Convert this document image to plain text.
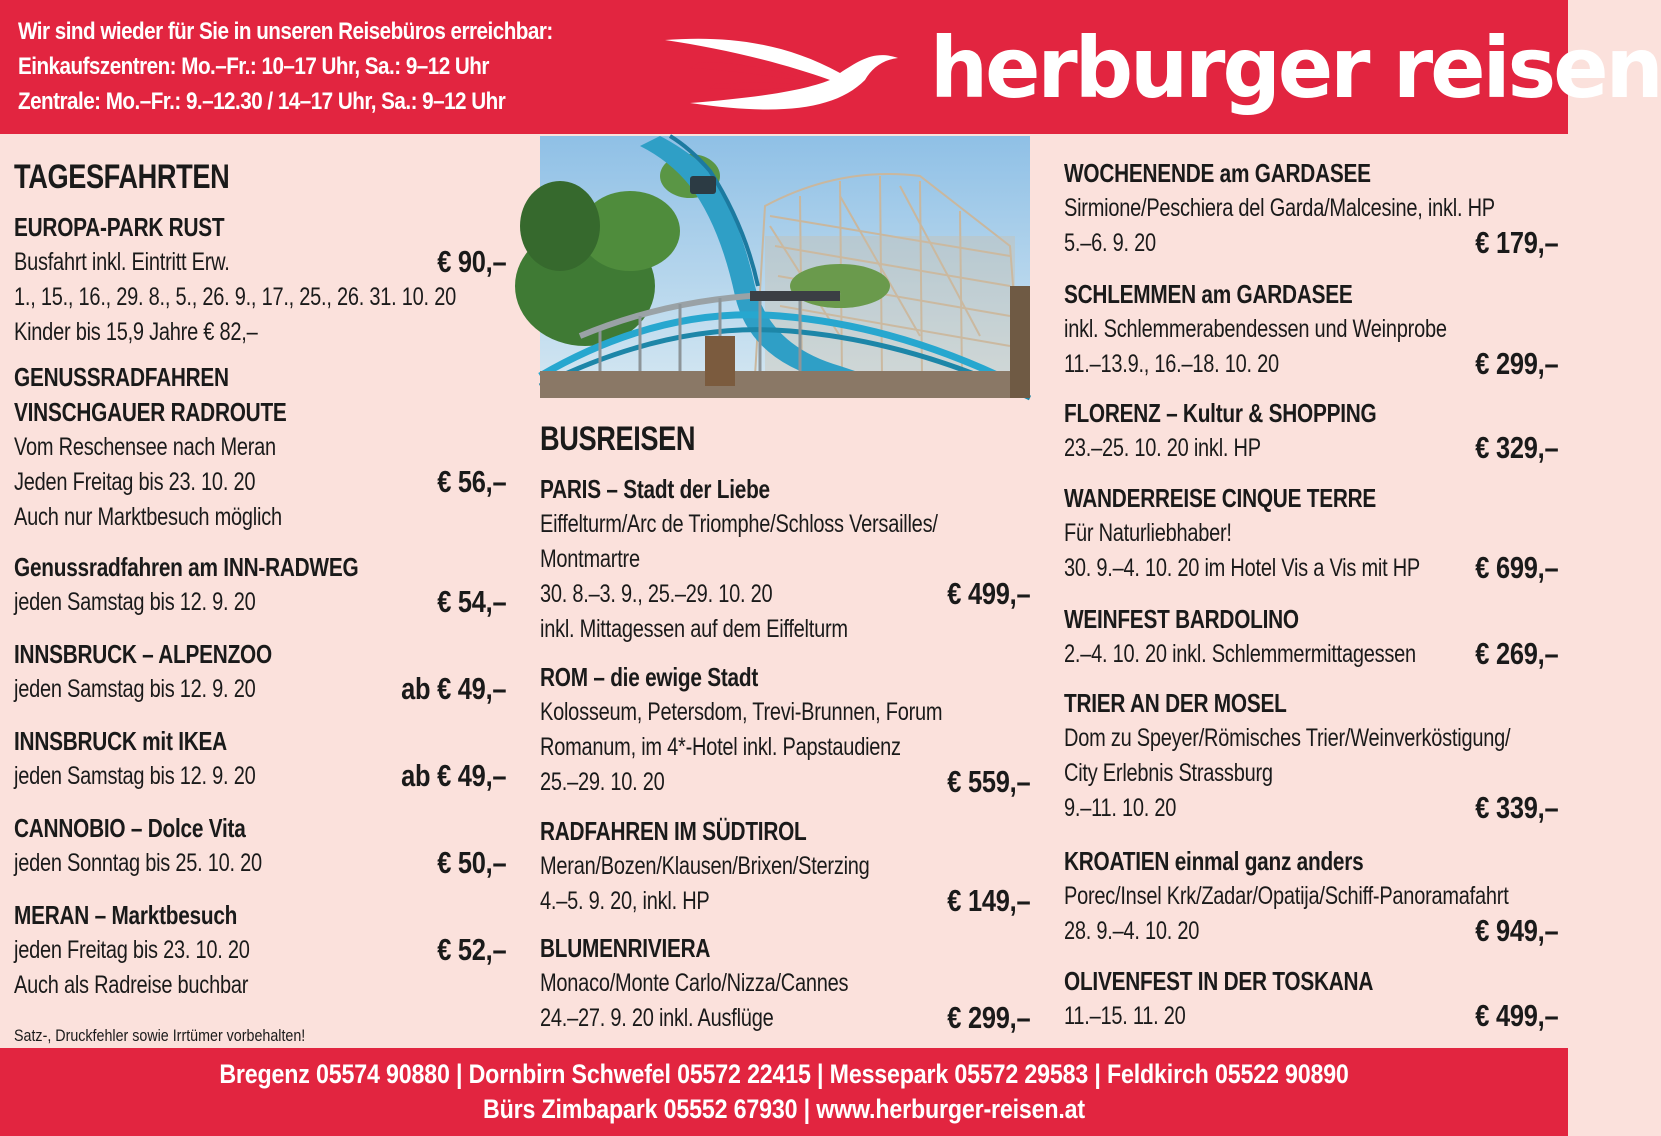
Wir sind wieder für Sie in unseren Reisebüros erreichbar:
Einkaufszentren: Mo.–Fr.: 10–17 Uhr, Sa.: 9–12 Uhr
Zentrale: Mo.–Fr.: 9.–12.30 / 14–17 Uhr, Sa.: 9–12 Uhr	herburger reisen
TAGESFAHRTEN
EUROPA-PARK RUST
Busfahrt inkl. Eintritt Erw.	€ 90,–
1., 15., 16., 29. 8., 5., 26. 9., 17., 25., 26. 31. 10. 20
Kinder bis 15,9 Jahre € 82,–
GENUSSRADFAHREN
VINSCHGAUER RADROUTE
Vom Reschensee nach Meran
Jeden Freitag bis 23. 10. 20	€ 56,–
Auch nur Marktbesuch möglich
Genussradfahren am INN-RADWEG
jeden Samstag bis 12. 9. 20	€ 54,–
INNSBRUCK – ALPENZOO
jeden Samstag bis 12. 9. 20	ab € 49,–
INNSBRUCK mit IKEA
jeden Samstag bis 12. 9. 20	ab € 49,–
CANNOBIO – Dolce Vita
jeden Sonntag bis 25. 10. 20	€ 50,–
MERAN – Marktbesuch
jeden Freitag bis 23. 10. 20	€ 52,–
Auch als Radreise buchbar
Satz-, Druckfehler sowie Irrtümer vorbehalten!
BUSREISEN
PARIS – Stadt der Liebe
Eiffelturm/Arc de Triomphe/Schloss Versailles/
Montmartre
30. 8.–3. 9., 25.–29. 10. 20	€ 499,–
inkl. Mittagessen auf dem Eiffelturm
ROM – die ewige Stadt
Kolosseum, Petersdom, Trevi-Brunnen, Forum
Romanum, im 4*-Hotel inkl. Papstaudienz
25.–29. 10. 20	€ 559,–
RADFAHREN IM SÜDTIROL
Meran/Bozen/Klausen/Brixen/Sterzing
4.–5. 9. 20, inkl. HP	€ 149,–
BLUMENRIVIERA
Monaco/Monte Carlo/Nizza/Cannes
24.–27. 9. 20 inkl. Ausflüge	€ 299,–
WOCHENENDE am GARDASEE
Sirmione/Peschiera del Garda/Malcesine, inkl. HP
5.–6. 9. 20	€ 179,–
SCHLEMMEN am GARDASEE
inkl. Schlemmerabendessen und Weinprobe
11.–13.9., 16.–18. 10. 20	€ 299,–
FLORENZ – Kultur & SHOPPING
23.–25. 10. 20 inkl. HP	€ 329,–
WANDERREISE CINQUE TERRE
Für Naturliebhaber!
30. 9.–4. 10. 20 im Hotel Vis a Vis mit HP € 699,–
WEINFEST BARDOLINO
2.–4. 10. 20 inkl. Schlemmermittagessen € 269,–
TRIER AN DER MOSEL
Dom zu Speyer/Römisches Trier/Weinverköstigung/
City Erlebnis Strassburg
9.–11. 10. 20	€ 339,–
KROATIEN einmal ganz anders
Porec/Insel Krk/Zadar/Opatija/Schiff-Panoramafahrt
28. 9.–4. 10. 20	€ 949,–
OLIVENFEST IN DER TOSKANA
11.–15. 11. 20	€ 499,–
Bregenz 05574 90880 | Dornbirn Schwefel 05572 22415 | Messepark 05572 29583 | Feldkirch 05522 90890
Bürs Zimbapark 05552 67930 | www.herburger-reisen.at
